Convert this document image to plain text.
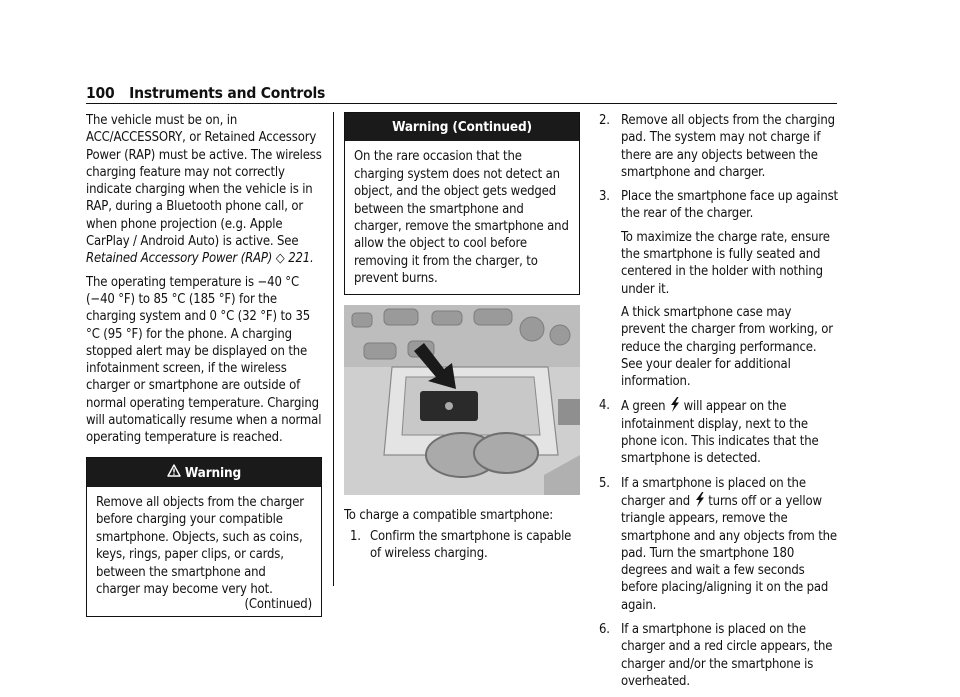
100 Instruments and Controls

The vehicle must be on, in ACC/ACCESSORY, or Retained Accessory Power (RAP) must be active. The wireless charging feature may not correctly indicate charging when the vehicle is in RAP, during a Bluetooth phone call, or when phone projection (e.g. Apple CarPlay / Android Auto) is active. See Retained Accessory Power (RAP) ◇ 221.

The operating temperature is −40 °C (−40 °F) to 85 °C (185 °F) for the charging system and 0 °C (32 °F) to 35 °C (95 °F) for the phone. A charging stopped alert may be displayed on the infotainment screen, if the wireless charger or smartphone are outside of normal operating temperature. Charging will automatically resume when a normal operating temperature is reached.

Warning
Remove all objects from the charger before charging your compatible smartphone. Objects, such as coins, keys, rings, paper clips, or cards, between the smartphone and charger may become very hot.
(Continued)
Warning (Continued)
On the rare occasion that the charging system does not detect an object, and the object gets wedged between the smartphone and charger, remove the smartphone and allow the object to cool before removing it from the charger, to prevent burns.

To charge a compatible smartphone:

1. Confirm the smartphone is capable of wireless charging.
2. Remove all objects from the charging pad. The system may not charge if there are any objects between the smartphone and charger.
3. Place the smartphone face up against the rear of the charger.
To maximize the charge rate, ensure the smartphone is fully seated and centered in the holder with nothing under it.
A thick smartphone case may prevent the charger from working, or reduce the charging performance. See your dealer for additional information.
4. A green will appear on the infotainment display, next to the phone icon. This indicates that the smartphone is detected.
5. If a smartphone is placed on the charger and turns off or a yellow triangle appears, remove the smartphone and any objects from the pad. Turn the smartphone 180 degrees and wait a few seconds before placing/aligning it on the pad again.
6. If a smartphone is placed on the charger and a red circle appears, the charger and/or the smartphone is overheated.
